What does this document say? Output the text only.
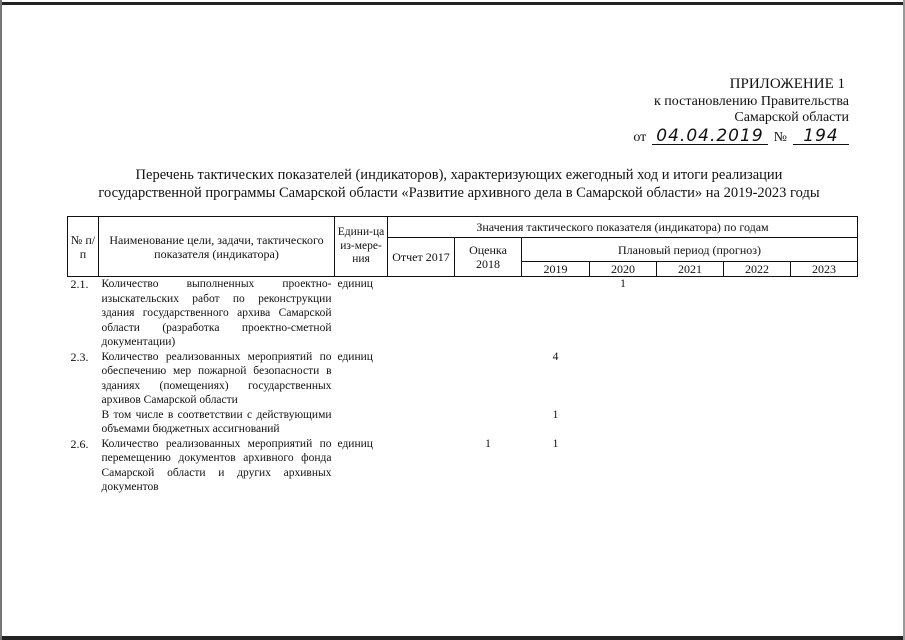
ПРИЛОЖЕНИЕ 1
к постановлению Правительства
Самарской области
от 04.04.2019 № 194
Перечень тактических показателей (индикаторов), характеризующих ежегодный ход и итоги реализации
государственной программы Самарской области «Развитие архивного дела в Самарской области» на 2019-2023 годы
№ п/п	Наименование цели, задачи, тактического показателя (индикатора)	Едини-ца из-мере-ния	Значения тактического показателя (индикатора) по годам						
			Отчет 2017	Оценка 2018	Плановый период (прогноз)				
					2019	2020	2021	2022	2023
2.1.	Количество выполненных проектно-изыскательских работ по реконструкции здания государственного архива Самарской области (разработка проектно-сметной документации)	единиц				1			
2.3.	Количество реализованных мероприятий по обеспечению мер пожарной безопасности в зданиях (помещениях) государственных архивов Самарской области	единиц			4				
	В том числе в соответствии с действующими объемами бюджетных ассигнований				1				
2.6.	Количество реализованных мероприятий по перемещению документов архивного фонда Самарской области и других архивных документов	единиц		1	1				
